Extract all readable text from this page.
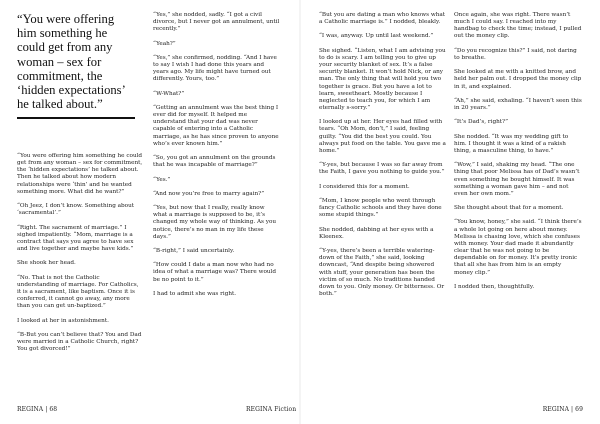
“You were offering him something he could get from any woman – sex for commitment, the ‘hidden expectations’ he talked about.”

“You were offering him something he could get from any woman – sex for commitment, the ‘hidden expectations’ he talked about. Then he talked about how modern relationships were ‘thin’ and he wanted something more. What did he want?”

“Oh Jeez, I don’t know. Something about ‘sacramental’.”

“Right. The sacrament of marriage.” I sighed impatiently. “Mom, marriage is a contract that says you agree to have sex and live together and maybe have kids.”

She shook her head.

“No. That is not the Catholic understanding of marriage. For Catholics, it is a sacrament, like baptism. Once it is conferred, it cannot go away, any more than you can get un-baptized.”

I looked at her in astonishment.

“B-But you can’t believe that? You and Dad were married in a Catholic Church, right? You got divorced!”

“Yes,” she nodded, sadly. “I got a civil divorce, but I never got an annulment, until recently.”

“Yeah?”

“Yes,” she confirmed, nodding. “And I have to say I wish I had done this years and years ago. My life might have turned out differently. Yours, too.”

“W-What?”

“Getting an annulment was the best thing I ever did for myself. It helped me understand that your dad was never capable of entering into a Catholic marriage, as he has since proven to anyone who’s ever known him.”

“So, you got an annulment on the grounds that he was incapable of marriage?”

“Yes.”

“And now you’re free to marry again?”

“Yes, but now that I really, really know what a marriage is supposed to be, it’s changed my whole way of thinking. As you notice, there’s no man in my life these days.”

“B-right,” I said uncertainly.

“How could I date a man now who had no idea of what a marriage was? There would be no point to it.”

I had to admit she was right.

“But you are dating a man who knows what a Catholic marriage is.” I nodded, bleakly.

“I was, anyway. Up until last weekend.”

She sighed. “Listen, what I am advising you to do is scary. I am telling you to give up your security blanket of sex. It’s a false security blanket. It won’t hold Nick, or any man. The only thing that will hold you two together is grace. But you have a lot to learn, sweetheart. Mostly because I neglected to teach you, for which I am eternally s-sorry.”

I looked up at her. Her eyes had filled with tears. “Oh Mom, don’t,” I said, feeling guilty. “You did the best you could. You always put food on the table. You gave me a home.”

“Y-yes, but because I was so far away from the Faith, I gave you nothing to guide you.”

I considered this for a moment.

“Mom, I know people who went through fancy Catholic schools and they have done some stupid things.”

She nodded, dabbing at her eyes with a Kleenex.

“Y-yes, there’s been a terrible watering-down of the Faith,” she said, looking downcast, “And despite being showered with stuff, your generation has been the victim of so much. No traditions handed down to you. Only money. Or bitterness. Or both.”

Once again, she was right. There wasn’t much I could say. I reached into my handbag to check the time; instead, I pulled out the money clip.

“Do you recognize this?” I said, not daring to breathe.

She looked at me with a knitted brow, and held her palm out. I dropped the money clip in it, and explained.

“Ah,” she said, exhaling. “I haven’t seen this in 20 years.”

“It’s Dad’s, right?”

She nodded. “It was my wedding gift to him. I thought it was a kind of a rakish thing, a masculine thing, to have.”

“Wow,” I said, shaking my head. “The one thing that poor Melissa has of Dad’s wasn’t even something he bought himself. It was something a woman gave him – and not even her own mom.”

She thought about that for a moment.

“You know, honey,” she said. “I think there’s a whole lot going on here about money. Melissa is chasing love, which she confuses with money. Your dad made it abundantly clear that he was not going to be dependable on for money. It’s pretty ironic that all she has from him is an empty money clip.”

I nodded then, thoughtfully.

REGINA | 68	REGINA Fiction	REGINA | 69
